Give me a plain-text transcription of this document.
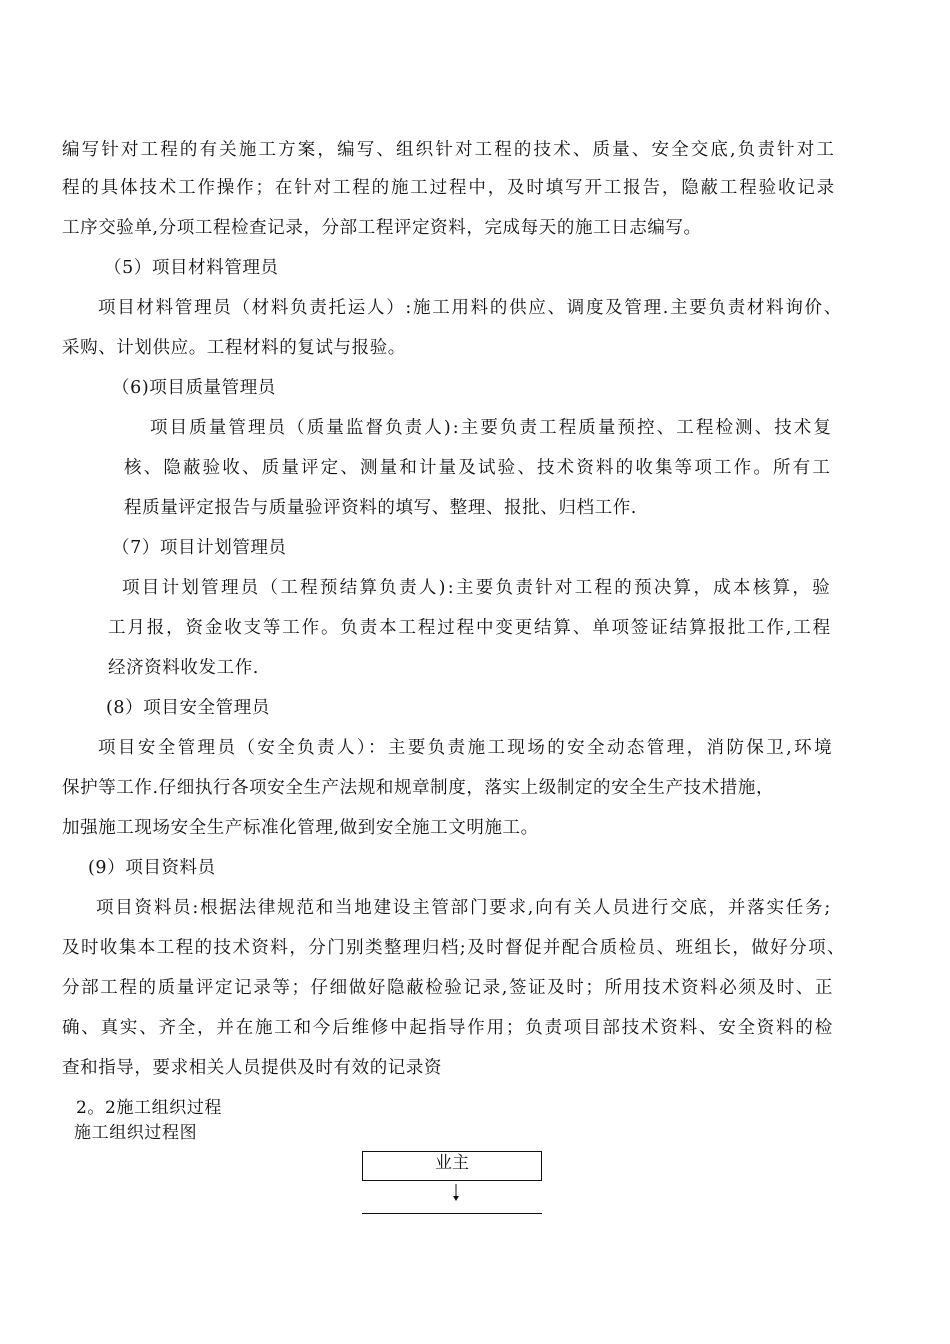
编写针对工程的有关施工方案，编写、组织针对工程的技术、质量、安全交底,负责针对工
程的具体技术工作操作；在针对工程的施工过程中，及时填写开工报告，隐蔽工程验收记录
工序交验单,分项工程检查记录，分部工程评定资料，完成每天的施工日志编写。
（5）项目材料管理员
项目材料管理员（材料负责托运人）:施工用料的供应、调度及管理.主要负责材料询价、
采购、计划供应。工程材料的复试与报验。
（6)项目质量管理员
项目质量管理员（质量监督负责人):主要负责工程质量预控、工程检测、技术复
核、隐蔽验收、质量评定、测量和计量及试验、技术资料的收集等项工作。所有工
程质量评定报告与质量验评资料的填写、整理、报批、归档工作.
（7）项目计划管理员
项目计划管理员（工程预结算负责人):主要负责针对工程的预决算，成本核算，验
工月报，资金收支等工作。负责本工程过程中变更结算、单项签证结算报批工作,工程
经济资料收发工作.
(8）项目安全管理员
项目安全管理员（安全负责人）：主要负责施工现场的安全动态管理，消防保卫,环境
保护等工作.仔细执行各项安全生产法规和规章制度，落实上级制定的安全生产技术措施，
加强施工现场安全生产标准化管理,做到安全施工文明施工。
(9）项目资料员
项目资料员:根据法律规范和当地建设主管部门要求,向有关人员进行交底，并落实任务;
及时收集本工程的技术资料，分门别类整理归档;及时督促并配合质检员、班组长，做好分项、
分部工程的质量评定记录等；仔细做好隐蔽检验记录,签证及时；所用技术资料必须及时、正
确、真实、齐全，并在施工和今后维修中起指导作用；负责项目部技术资料、安全资料的检
查和指导，要求相关人员提供及时有效的记录资
2。2施工组织过程
施工组织过程图
业主
